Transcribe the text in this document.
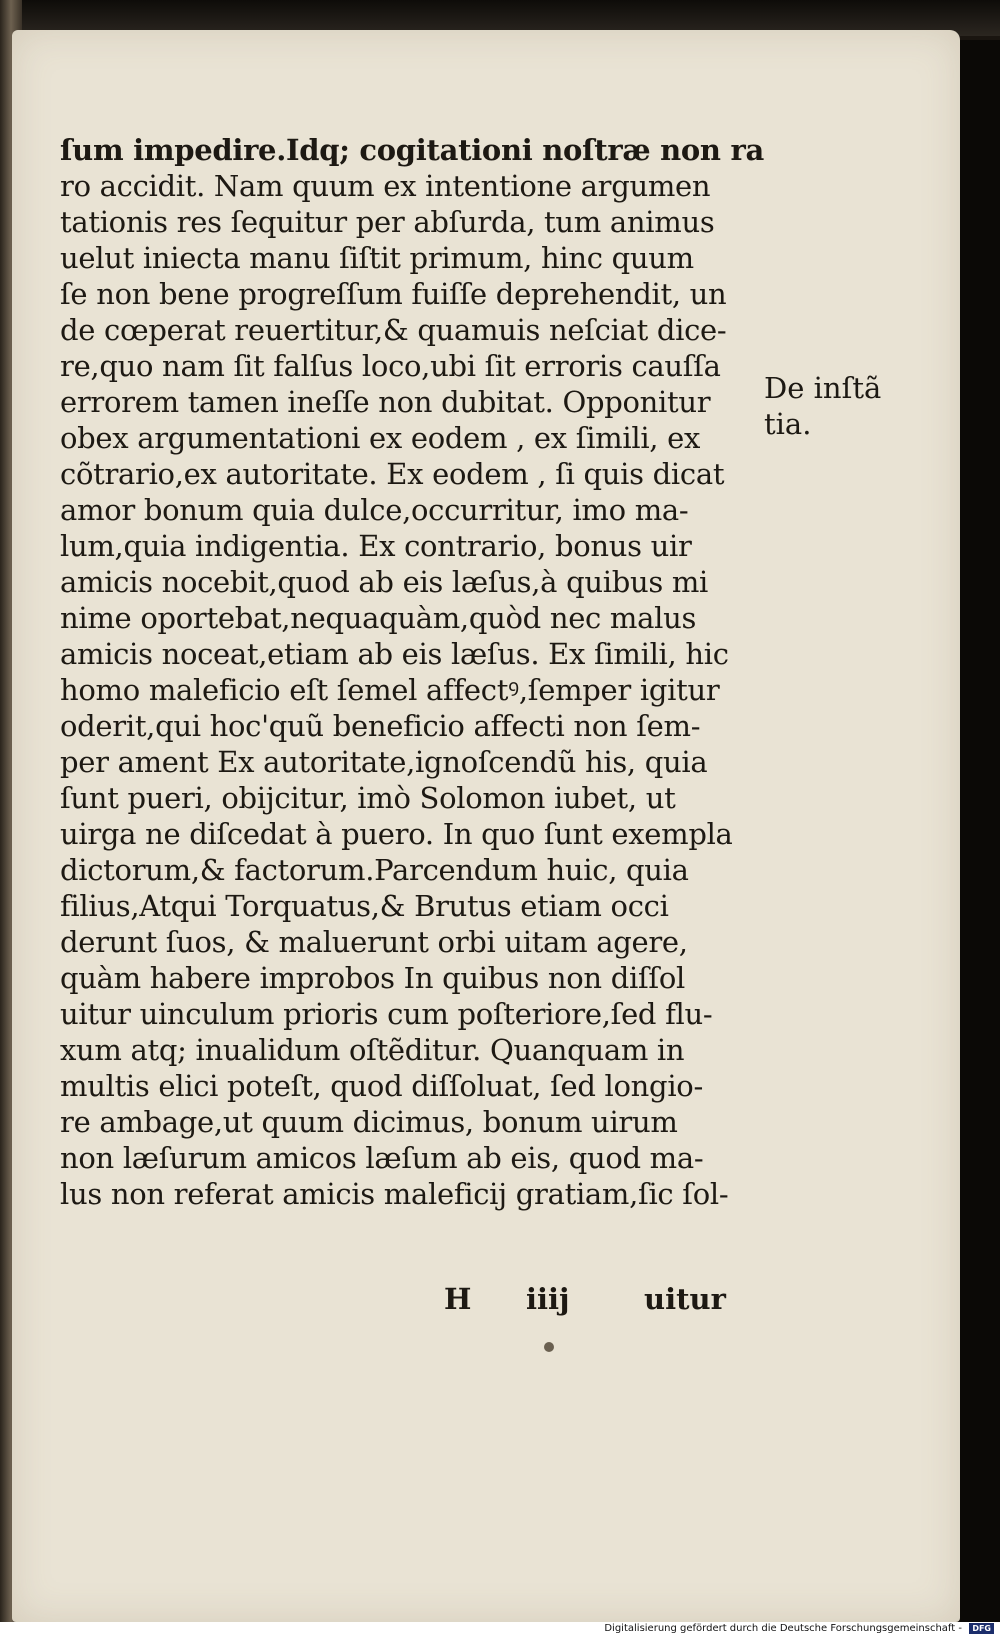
ſum impedire.Idq; cogitationi noſtræ non ra
ro accidit. Nam quum ex intentione argumen
tationis res ſequitur per abſurda, tum animus
uelut iniecta manu ſiſtit primum, hinc quum
ſe non bene progreſſum fuiſſe deprehendit, un
de cœperat reuertitur,& quamuis neſciat dice-
re,quo nam ſit falſus loco,ubi ſit erroris cauſſa
errorem tamen ineſſe non dubitat. Opponitur
obex argumentationi ex eodem , ex ſimili, ex
cõtrario,ex autoritate. Ex eodem , ſi quis dicat
amor bonum quia dulce,occurritur, imo ma-
lum,quia indigentia. Ex contrario, bonus uir
amicis nocebit,quod ab eis læſus,à quibus mi
nime oportebat,nequaquàm,quòd nec malus
amicis noceat,etiam ab eis læſus. Ex ſimili, hic
homo maleficio eſt ſemel affectꝰ,ſemper igitur
oderit,qui hoc'quũ beneficio affecti non ſem-
per ament Ex autoritate,ignoſcendũ his, quia
ſunt pueri, obijcitur, imò Solomon iubet, ut
uirga ne diſcedat à puero. In quo ſunt exempla
dictorum,& factorum.Parcendum huic, quia
filius,Atqui Torquatus,& Brutus etiam occi
derunt ſuos, & maluerunt orbi uitam agere,
quàm habere improbos In quibus non diſſol
uitur uinculum prioris cum poſteriore,ſed flu-
xum atq; inualidum oſtẽditur. Quanquam in
multis elici poteſt, quod diſſoluat, ſed longio-
re ambage,ut quum dicimus, bonum uirum
non læſurum amicos læſum ab eis, quod ma-
lus non referat amicis maleficij gratiam,ſic ſol-
De inſtã
tia.
H iiij	uitur
Digitalisierung gefördert durch die Deutsche Forschungsgemeinschaft -	DFG
